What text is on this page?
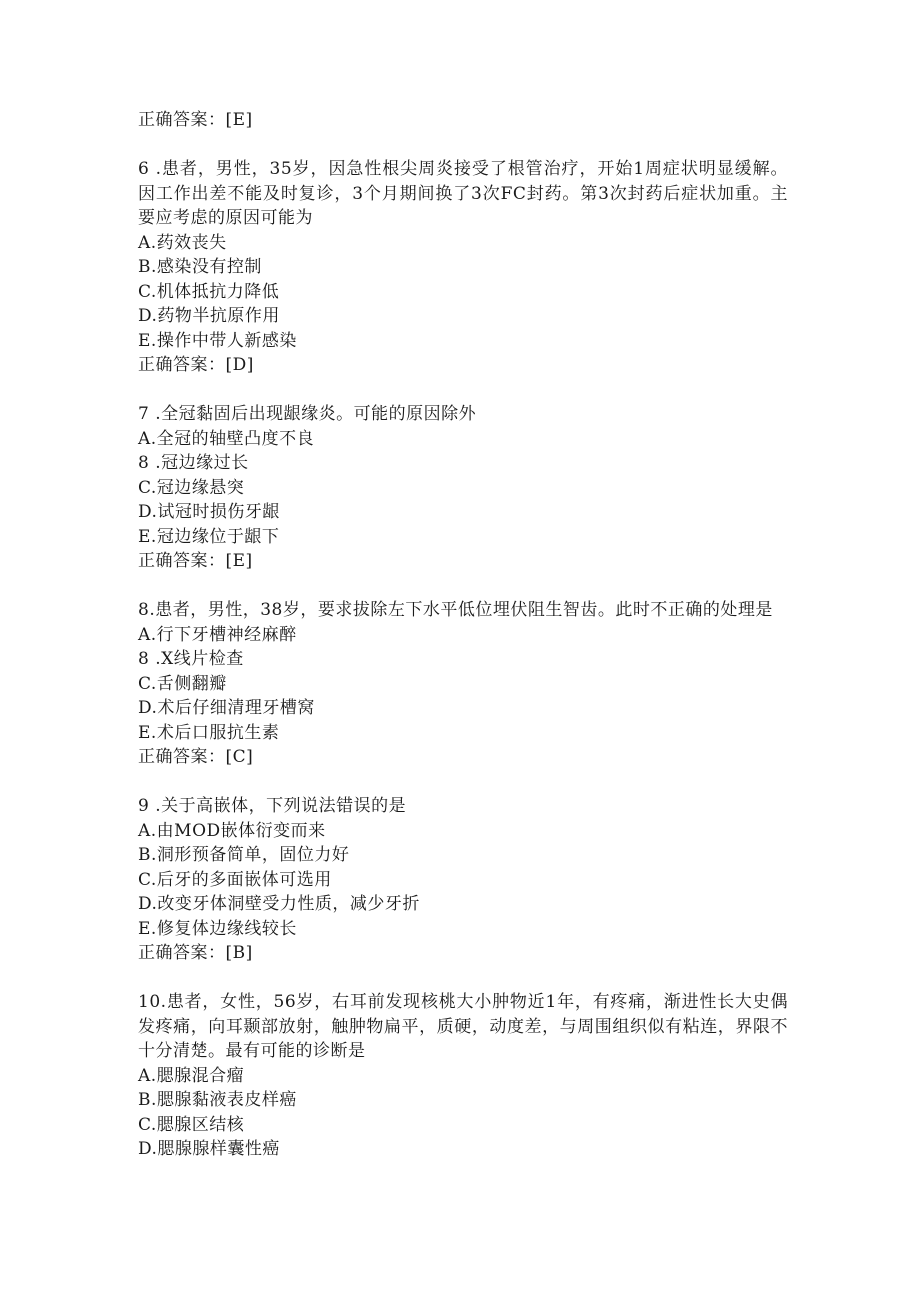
正确答案：[E]
6 .患者，男性，35岁，因急性根尖周炎接受了根管治疗，开始1周症状明显缓解。因工作出差不能及时复诊，3个月期间换了3次FC封药。第3次封药后症状加重。主要应考虑的原因可能为
A.药效丧失
B.感染没有控制
C.机体抵抗力降低
D.药物半抗原作用
E.操作中带人新感染
正确答案：[D]
7 .全冠黏固后出现龈缘炎。可能的原因除外
A.全冠的轴壁凸度不良
8 .冠边缘过长
C.冠边缘悬突
D.试冠时损伤牙龈
E.冠边缘位于龈下
正确答案：[E]
8.患者，男性，38岁，要求拔除左下水平低位埋伏阻生智齿。此时不正确的处理是
A.行下牙槽神经麻醉
8 .X线片检查
C.舌侧翻瓣
D.术后仔细清理牙槽窝
E.术后口服抗生素
正确答案：[C]
9 .关于高嵌体，下列说法错误的是
A.由MOD嵌体衍变而来
B.洞形预备简单，固位力好
C.后牙的多面嵌体可选用
D.改变牙体洞壁受力性质，减少牙折
E.修复体边缘线较长
正确答案：[B]
10.患者，女性，56岁，右耳前发现核桃大小肿物近1年，有疼痛，渐进性长大史偶发疼痛，向耳颞部放射，触肿物扁平，质硬，动度差，与周围组织似有粘连，界限不十分清楚。最有可能的诊断是
A.腮腺混合瘤
B.腮腺黏液表皮样癌
C.腮腺区结核
D.腮腺腺样囊性癌
